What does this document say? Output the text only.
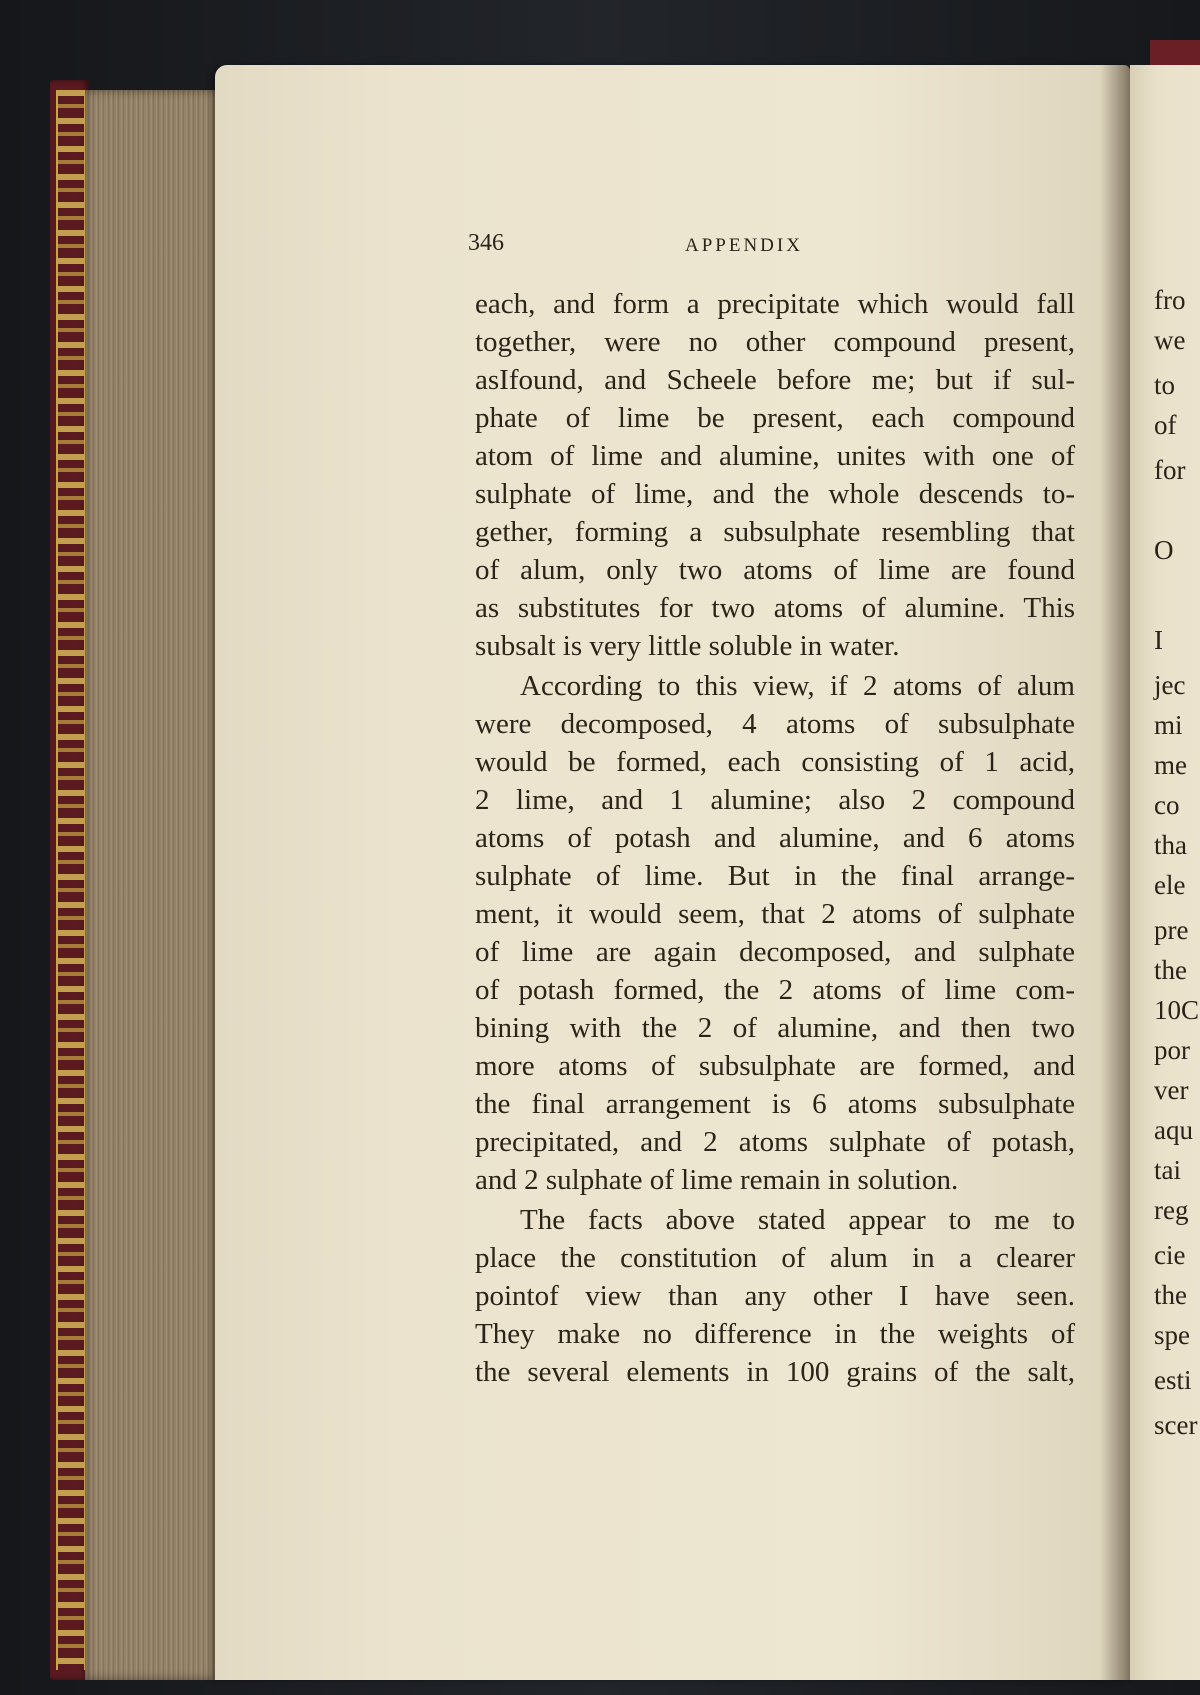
fro
we
to
of
for
O
I
jec
mi
me
co
tha
ele
pre
the
10C
por
ver
aqu
tai
reg
cie
the
spe
esti
scer
346	APPENDIX
each, and form a precipitate which would fall
together, were no other compound present,
asIfound, and Scheele before me; but if sul-
phate of lime be present, each compound
atom of lime and alumine, unites with one of
sulphate of lime, and the whole descends to-
gether, forming a subsulphate resembling that
of alum, only two atoms of lime are found
as substitutes for two atoms of alumine. This
subsalt is very little soluble in water.
According to this view, if 2 atoms of alum
were decomposed, 4 atoms of subsulphate
would be formed, each consisting of 1 acid,
2 lime, and 1 alumine; also 2 compound
atoms of potash and alumine, and 6 atoms
sulphate of lime. But in the final arrange-
ment, it would seem, that 2 atoms of sulphate
of lime are again decomposed, and sulphate
of potash formed, the 2 atoms of lime com-
bining with the 2 of alumine, and then two
more atoms of subsulphate are formed, and
the final arrangement is 6 atoms subsulphate
precipitated, and 2 atoms sulphate of potash,
and 2 sulphate of lime remain in solution.
The facts above stated appear to me to
place the constitution of alum in a clearer
pointof view than any other I have seen.
They make no difference in the weights of
the several elements in 100 grains of the salt,
